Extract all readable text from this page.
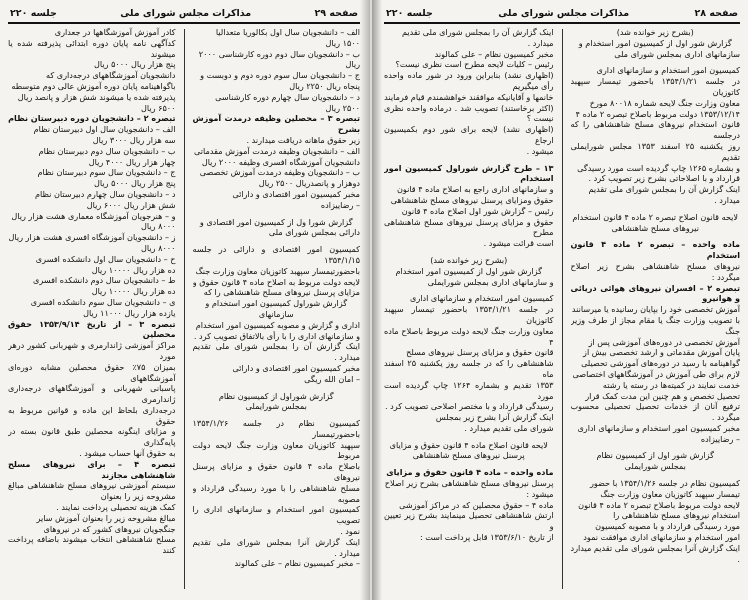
صفحه ۲۹
مذاکرات مجلس شورای ملی
جلسه ۲۲۰
الف – دانشجویان سال اول بکالوریا متعدالیا
۱۵۰۰ ریال
ب – دانشجویان سال دوم دوره کارشناسی ۲۰۰۰
ریال
ج – دانشجویان سال سوم دوره دوم و دوبست و
پنجاه ریال ۲۲۵۰ ریال
د – دانشجویان سال چهارم دوره کارشناسی
۲۵۰۰ ریال
تبصره ۳ – محصلین وظیفه درمدت آموزش بشرح
زیر حقوق ماهانه دریافت میدارند .
الف – دانشجویان وظیفه درمدت آموزش مقدماتی
دانشجویان آموزشگاه افسری وظیفه ۲۰۰۰ ریال
ب – دانشجویان وظیفه درمدت آموزش تخصصی
دوهزار و پانصدریال ۲۵۰۰ ریال
مخبر کمیسیون امور اقتصادی و دارائی
– رضاییزاده
گزارش شورا ول از کمیسیون امور اقتصادی و
دارائی بمجلس شورای ملی
کمیسیون امور اقتصادی و دارائی در جلسه ۱۳۵۴/۱/۱۵
باحضورتیمسار سپهبد کاتوزیان معاون وزارت جنگ
لایحه دولت مربوط به اصلاح ماده ۴ قانون حقوق و
مزایای پرسنل نیروهای مسلح شاهنشاهی را که
گزارش شوراول کمیسیون امور استخدام و سازمانهای
اداری و گزارش و مصوبه کمیسیون امور استخدام
و سازمانهای اداری را با رأی بالاتفاق تصویب کرد .
اینک گزارش آن را بمجلس شورای ملی تقدیم میدارد .
مخبر کمیسیون امور اقتصادی و دارائی
– امان الله ریگی
گزارش شوراول از کمیسیون نظام
بمجلس شورایملی
کمیسیون نظام در جلسه ۱۳۵۴/۱/۲۶ باحضورتیمسار
سپهبد کاتوزیان معاون وزارت جنگ لایحه دولت مربوط
باصلاح ماده ۴ قانون حقوق و مزایای پرسنل نیروهای
مسلح شاهنشاهی را با مورد رسیدگی قرارداد و مصوبه
کمیسیون امور استخدام و سازمانهای اداری را تصویب
نمود .
اینک گزارش آنرا بمجلس شورای ملی تقدیم میدارد .
– مخبر کمیسیون نظام – علی کمالوند
کادر آموزش آموزشگاهها در جعداری
کدآگهی نامه پایان دوره ابتدائی پذیرفته شده یا میشوند
پنج هزار ریال ۵۰۰۰ ریال
دانشجویان آموزشگاههای درجه‌داری که
باگواهینامه پایان دوره آموزش عالی دوم متوسطه
پذیرفته شده یا میشوند شش هزار و پانصد ریال
۶۵۰۰ ریال
تبصره ۲ – دانشجویان دوره دبیرستان نظام
الف – دانشجویان سال اول دبیرستان نظام
سه هزار ریال ۳۰۰۰ ریال
ب – دانشجویان سال دوم دبیرستان نظام
چهار هزار ریال ۴۰۰۰ ریال
ج – دانشجویان سال سوم دبیرستان نظام
پنج هزار ریال ۵۰۰۰ ریال
د – دانشجویان سال چهارم دبیرستان نظام
شش هزار ریال ۶۰۰۰ ریال
و – هنرجویان آموزشگاه معماری هشت هزار ریال
۸۰۰۰ ریال
ز – دانشجویان آموزشگاه افسری هشت هزار ریال
۸۰۰۰ ریال
ح – دانشجویان سال اول دانشکده افسری
ده هزار ریال ۱۰۰۰۰ ریال
ط – دانشجویان سال دوم دانشکده افسری
ده هزار ریال ۱۰۰۰۰ ریال
ی – دانشجویان سال سوم دانشکده افسری
یازده هزار ریال ۱۱۰۰۰ ریال
تبصره ۳ – از تاریخ ۱۳۵۳/۹/۱۴ حقوق محصلین
مراکز آموزشی ژاندارمری و شهربانی کشور درهر مورد
بمیزان ۷۵٪ حقوق محصلین مشابه دوره‌ای آموزشگاههای
پاسبانی شهربانی و آموزشگاههای درجه‌داری ژاندارمری
درجه‌داری بلحاظ این ماده و قوانین مربوط به حقوق
و مزایای اینگونه محصلین طبق قانون بسته در پایه‌گذاری
به حقوق آنها حساب میشود .
تبصره ۴ – برای نیروهای مسلح شاهنشاهی مجازند
سیستم آموزشی نیروهای مسلح شاهنشاهی مبالغ مشروحه زیر را بعنوان
کمک هزینه تحصیلی پرداخت نمایند .
مبالغ مشروحه زیر را بعنوان آموزش سایر
جنگجویان نیروهای کشور که در نیروهای
مسلح شاهنشاهی انتخاب میشوند باضافه پرداخت کنند
صفحه ۲۸
مذاکرات مجلس شورای ملی
جلسه ۲۲۰
(بشرح زیر خوانده شد)
گزارش شور اول از کمیسیون امور استخدام و
سازمانهای اداری بمجلس شورای ملی
کمیسیون امور استخدام و سازمانهای اداری
در جلسه ۱۳۵۴/۱/۲۱ باحضور تیمسار سپهبد کاتوزیان
معاون وزارت جنگ لایحه شماره ۸۰۰۱۸ مورخ
۱۳۵۳/۱۲/۱۴ دولت مربوط باصلاح تبصره ۲ ماده ۴
قانون استخدام نیروهای مسلح شاهنشاهی را که درجلسه
روز یکشنبه ۲۵ اسفند ۱۳۵۳ مجلس شورایملی تقدیم
و بشماره ۱۲۶۵ چاپ گردیده است مورد رسیدگی
قرارداد و با اصلاحاتی بشرح زیر تصویب کرد .
اینک گزارش آن را بمجلس شورای ملی تقدیم
میدارد .
لایحه قانون اصلاح تبصره ۲ ماده ۴ قانون استخدام
نیروهای مسلح شاهنشاهی
ماده واحده – تبصره ۲ ماده ۴ قانون استخدام
نیروهای مسلح شاهنشاهی بشرح زیر اصلاح میگردد :
تبصره ۲ – افسران نیروهای هوائی دریائی و هوانیرو
آموزش تخصصی خود را بپایان رسانیده یا میرسانند
با تصویب وزارت جنگ یا مقام مجاز از طرف وزیر جنگ
آموزش تخصصی در دوره‌های آموزشی پس از
پایان آموزش مقدماتی و ارشد تخصصی بیش از
گواهینامه با رسید در دوره‌های آموزشی تحصیلی
لازم برای طی آموزش در آموزشگاههای اختصاصی
خدمت نمایند در کمیته‌ها در رسته یا رشته
تحصیل تخصص و هم چنین این مدت کمک قرار
ترفیع آنان از خدمات تحصیل تحصیلی محسوب میگردد .
مخبر کمیسیون امور استخدام و سازمانهای اداری
– رضاییزاده
گزارش شور اول از کمیسیون نظام
بمجلس شورایملی
کمیسیون نظام در جلسه ۱۳۵۴/۱/۲۶ با حضور
تیمسار سپهبد کاتوزیان معاون وزارت جنگ
لایحه دولت مربوط باصلاح تبصره ۲ ماده ۴ قانون
استخدام نیروهای مسلح شاهنشاهی را
مورد رسیدگی قرارداد و با مصوبه کمیسیون
امور استخدام و سازمانهای اداری موافقت نمود
اینک گزارش آنرا بمجلس شورای ملی تقدیم میدارد .
اینک گزارش آن را بمجلس شورای ملی تقدیم
میدارد .
مخبر کمیسیون نظام – علی کمالوند
رئیس – کلیات لایحه مطرح است نظری نیست؟
(اظهاری نشد) بنابراین ورود در شور ماده واحده رأی میگیریم
خانمها و آقایانیکه موافقند خواهشمندم قیام فرمایند
(اکثر برخاستند) تصویب شد . درماده واحده نظری نیست ؟
(اظهاری نشد) لایحه برای شور دوم بکمیسیون ارجاع
میشود .
۱۳ – طرح گزارش شوراول کمیسیون امور استخدام
و سازمانهای اداری راجع به اصلاح ماده ۴ قانون
حقوق ومزایای پرسنل نیروهای مسلح شاهنشاهی
رئیس – گزارش شور اول اصلاح ماده ۴ قانون
حقوق و مزایای پرسنل نیروهای مسلح شاهنشاهی مطرح
است قرائت میشود .
(بشرح زیر خوانده شد)
گزارش شور اول از کمیسیون امور استخدام
و سازمانهای اداری بمجلس شورایملی
کمیسیون امور استخدام و سازمانهای اداری
در جلسه ۱۳۵۴/۱/۲۱ باحضور تیمسار سپهبد کاتوزیان
معاون وزارت جنگ لایحه دولت مربوط باصلاح ماده ۴
قانون حقوق و مزایای پرسنل نیروهای مسلح
شاهنشاهی را که در جلسه روز یکشنبه ۲۵ اسفند ماه
۱۳۵۳ تقدیم و بشماره ۱۲۶۴ چاپ گردیده است مورد
رسیدگی قرارداد و با مختصر اصلاحی تصویب کرد .
اینک گزارش آنرا بشرح زیر بمجلس
شورای ملی تقدیم میدارد .
لایحه قانون اصلاح ماده ۴ قانون حقوق و مزایای
پرسنل نیروهای مسلح شاهنشاهی
ماده واحده – ماده ۴ قانون حقوق و مزایای
پرسنل نیروهای مسلح شاهنشاهی بشرح زیر اصلاح
میشود :
ماده ۴ – حقوق محصلین که در مراکز آموزشی
ارتش شاهنشاهی تحصیل مینمایند بشرح زیر تعیین و
از تاریخ ۱۳۵۳/۶/۱۰ قابل پرداخت است :
